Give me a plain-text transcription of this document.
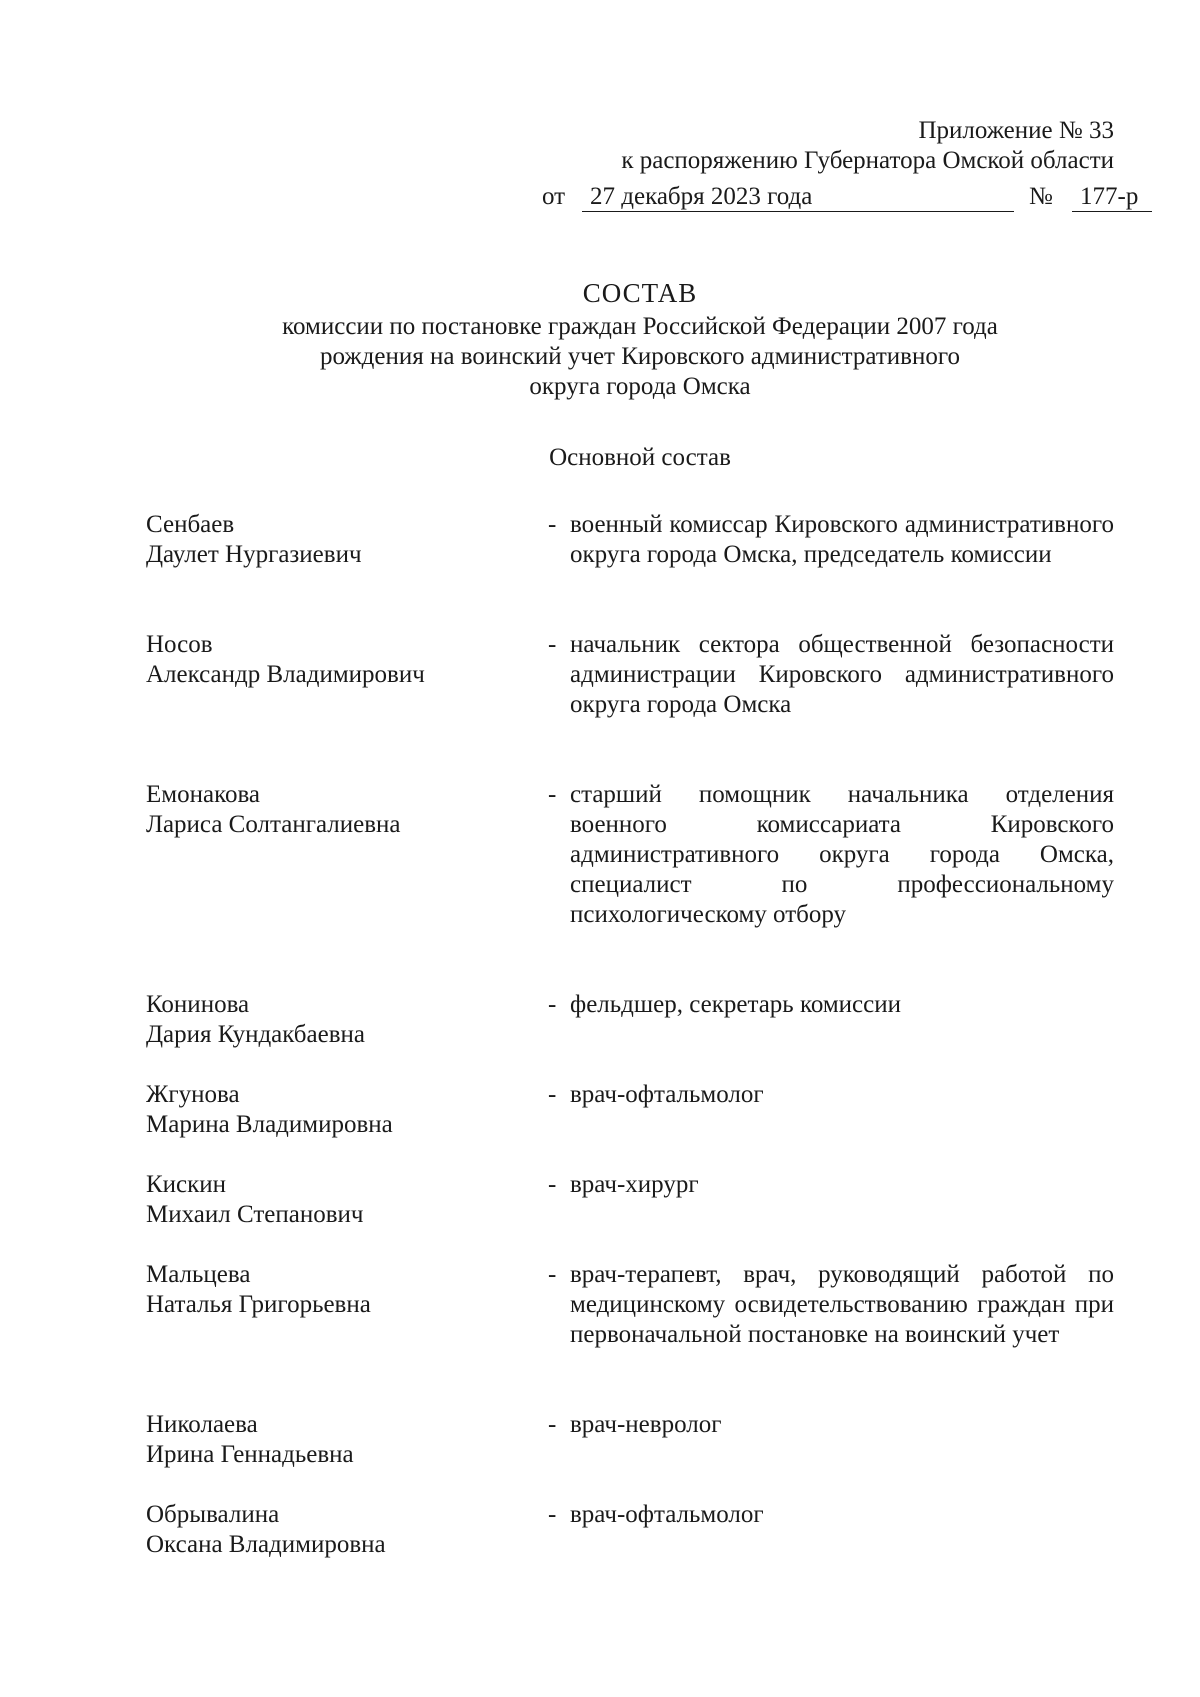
Приложение № 33
к распоряжению Губернатора Омской области
от 27 декабря 2023 года	№	177-р
СОСТАВ
комиссии по постановке граждан Российской Федерации 2007 года
рождения на воинский учет Кировского административного
округа города Омска
Основной состав
Сенбаев
Даулет Нургазиевич
- военный комиссар Кировского административного округа города Омска, председатель комиссии
Носов
Александр Владимирович
- начальник сектора общественной безопасности администрации Кировского административного округа города Омска
Емонакова
Лариса Солтангалиевна
- старший помощник начальника отделения военного комиссариата Кировского административного округа города Омска, специалист по профессиональному психологическому отбору
Конинова
Дария Кундакбаевна
- фельдшер, секретарь комиссии
Жгунова
Марина Владимировна
- врач-офтальмолог
Кискин
Михаил Степанович
- врач-хирург
Мальцева
Наталья Григорьевна
- врач-терапевт, врач, руководящий работой по медицинскому освидетельствованию граждан при первоначальной постановке на воинский учет
Николаева
Ирина Геннадьевна
- врач-невролог
Обрывалина
Оксана Владимировна
- врач-офтальмолог
